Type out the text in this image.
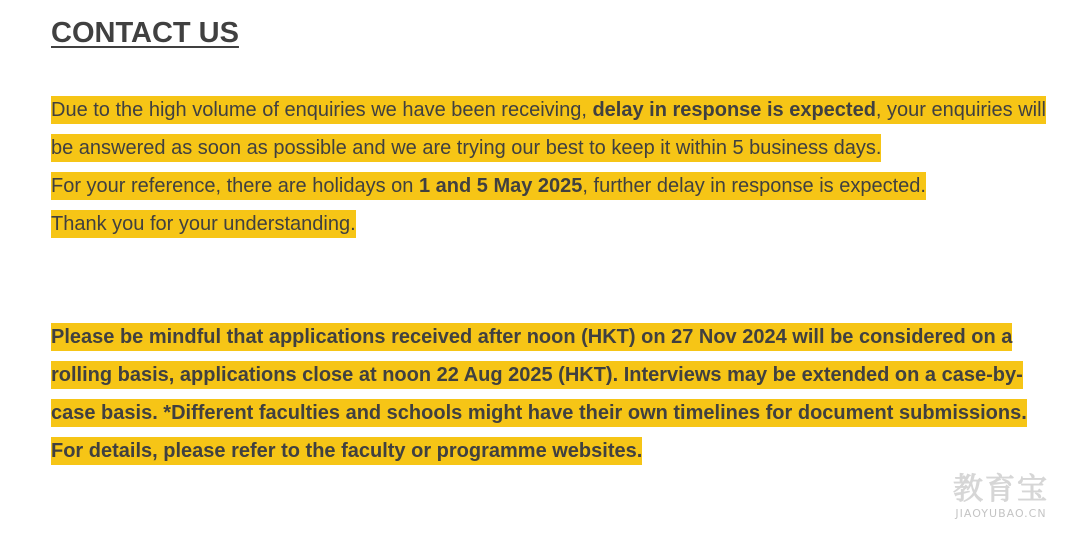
CONTACT US

Due to the high volume of enquiries we have been receiving, delay in response is expected, your enquiries will be answered as soon as possible and we are trying our best to keep it within 5 business days.
For your reference, there are holidays on 1 and 5 May 2025, further delay in response is expected.
Thank you for your understanding.

Please be mindful that applications received after noon (HKT) on 27 Nov 2024 will be considered on a rolling basis, applications close at noon 22 Aug 2025 (HKT). Interviews may be extended on a case-by-case basis. *Different faculties and schools might have their own timelines for document submissions. For details, please refer to the faculty or programme websites.

教育宝
JIAOYUBAO.CN
